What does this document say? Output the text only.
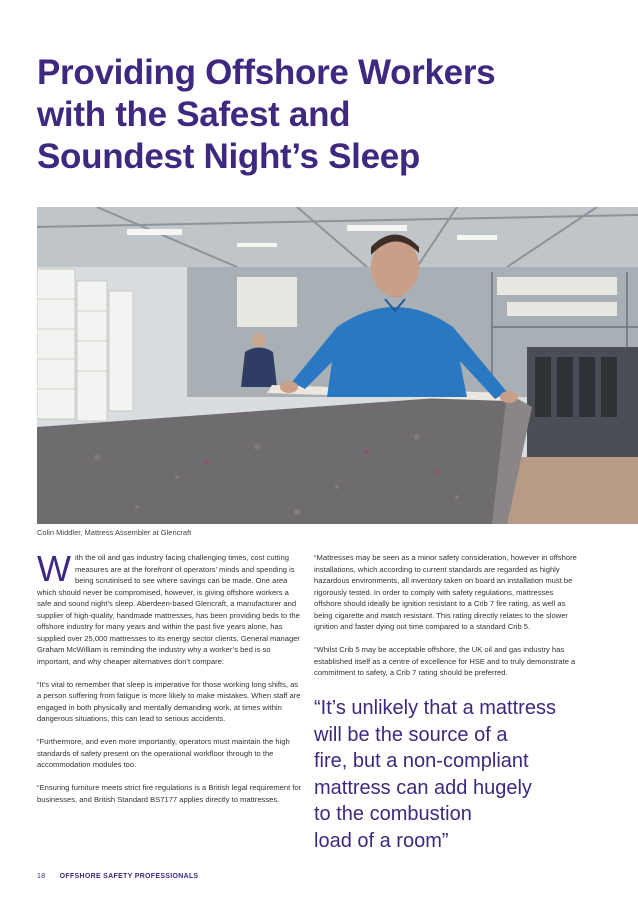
Providing Offshore Workers
with the Safest and
Soundest Night’s Sleep
Colin Middler, Mattress Assembler at Glencraft

With the oil and gas industry facing challenging times, cost cutting measures are at the forefront of operators’ minds and spending is being scrutinised to see where savings can be made. One area which should never be compromised, however, is giving offshore workers a safe and sound night’s sleep. Aberdeen-based Glencraft, a manufacturer and supplier of high-quality, handmade mattresses, has been providing beds to the offshore industry for many years and within the past five years alone, has supplied over 25,000 mattresses to its energy sector clients. General manager Graham McWilliam is reminding the industry why a worker’s bed is so important, and why cheaper alternatives don’t compare:

“It’s vital to remember that sleep is imperative for those working long shifts, as a person suffering from fatigue is more likely to make mistakes. When staff are engaged in both physically and mentally demanding work, at times within dangerous situations, this can lead to serious accidents.

“Furthermore, and even more importantly, operators must maintain the high standards of safety present on the operational workfloor through to the accommodation modules too.

“Ensuring furniture meets strict fire regulations is a British legal requirement for businesses, and British Standard BS7177 applies directly to mattresses.

“Mattresses may be seen as a minor safety consideration, however in offshore installations, which according to current standards are regarded as highly hazardous environments, all inventory taken on board an installation must be rigorously tested. In order to comply with safety regulations, mattresses offshore should ideally be ignition resistant to a Crib 7 fire rating, as well as being cigarette and match resistant. This rating directly relates to the slower ignition and faster dying out time compared to a standard Crib 5.

“Whilst Crib 5 may be acceptable offshore, the UK oil and gas industry has established itself as a centre of excellence for HSE and to truly demonstrate a commitment to safety, a Crib 7 rating should be preferred.

“It’s unlikely that a mattress
will be the source of a
fire, but a non-compliant
mattress can add hugely
to the combustion
load of a room”
18 OFFSHORE SAFETY PROFESSIONALS
